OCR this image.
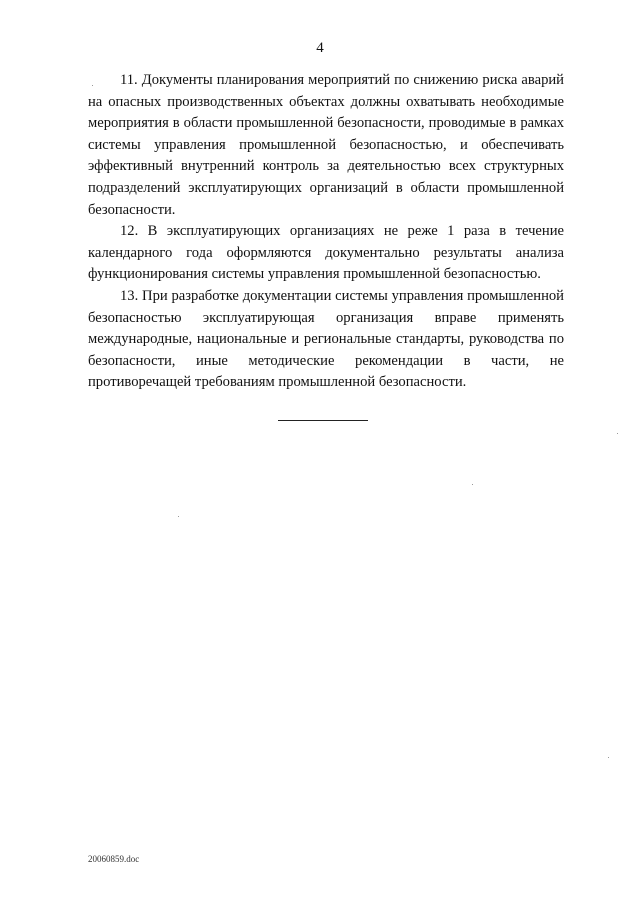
4

11. Документы планирования мероприятий по снижению риска аварий на опасных производственных объектах должны охватывать необходимые мероприятия в области промышленной безопасности, проводимые в рамках системы управления промышленной безопасностью, и обеспечивать эффективный внутренний контроль за деятельностью всех структурных подразделений эксплуатирующих организаций в области промышленной безопасности.

12. В эксплуатирующих организациях не реже 1 раза в течение календарного года оформляются документально результаты анализа функционирования системы управления промышленной безопасностью.

13. При разработке документации системы управления промышленной безопасностью эксплуатирующая организация вправе применять международные, национальные и региональные стандарты, руководства по безопасности, иные методические рекомендации в части, не противоречащей требованиям промышленной безопасности.

20060859.doc
